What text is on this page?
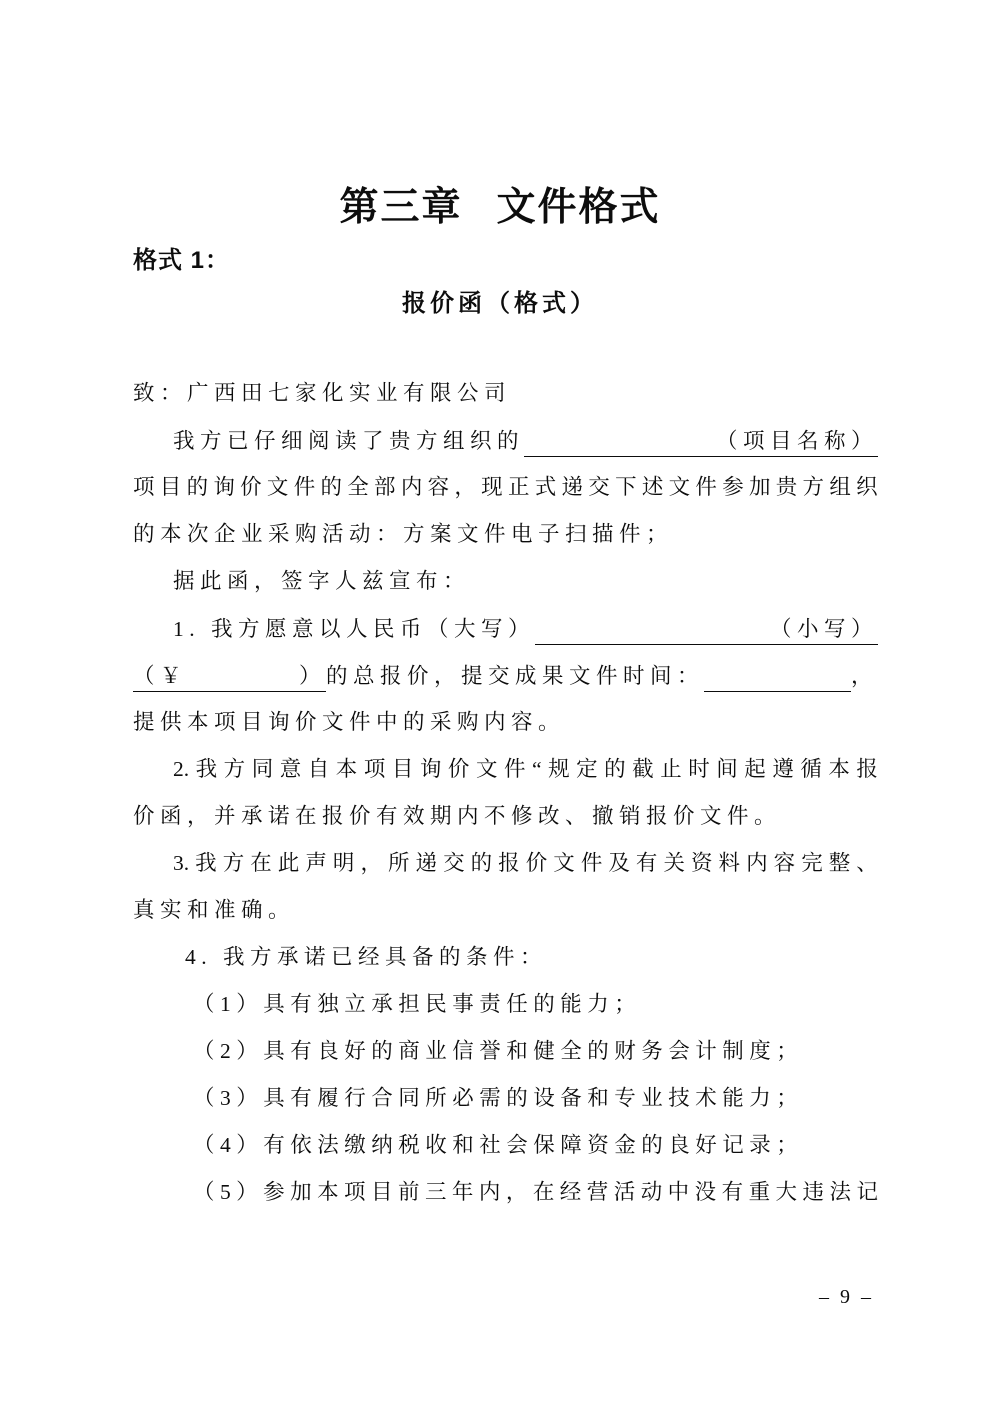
第三章 文件格式
格式 1：
报价函（格式）
致：广西田七家化实业有限公司
我方已仔细阅读了贵方组织的	（项目名称）
项 目 的 询 价 文 件 的 全 部 内 容 ， 现 正 式 递 交 下 述 文 件 参 加 贵 方 组 织
的本次企业采购活动：方案文件电子扫描件；
据此函，签字人兹宣布：
1. 我方愿意以人民币（大写）	（小写）
（￥	） 的总报价，提交成果文件时间：	，
提供本项目询价文件中的采购内容。
2. 我 方 同 意 自 本 项 目 询 价 文 件 “ 规 定 的 截 止 时 间 起 遵 循 本 报
价函，并承诺在报价有效期内不修改、撤销报价文件。
3. 我 方 在 此 声 明 ， 所 递 交 的 报 价 文 件 及 有 关 资 料 内 容 完 整 、
真实和准确。
4. 我方承诺已经具备的条件：
（1）具有独立承担民事责任的能力；
（2）具有良好的商业信誉和健全的财务会计制度；
（3）具有履行合同所必需的设备和专业技术能力；
（4）有依法缴纳税收和社会保障资金的良好记录；
（ 5 ） 参 加 本 项 目 前 三 年 内 ， 在 经 营 活 动 中 没 有 重 大 违 法 记
– 9 –
